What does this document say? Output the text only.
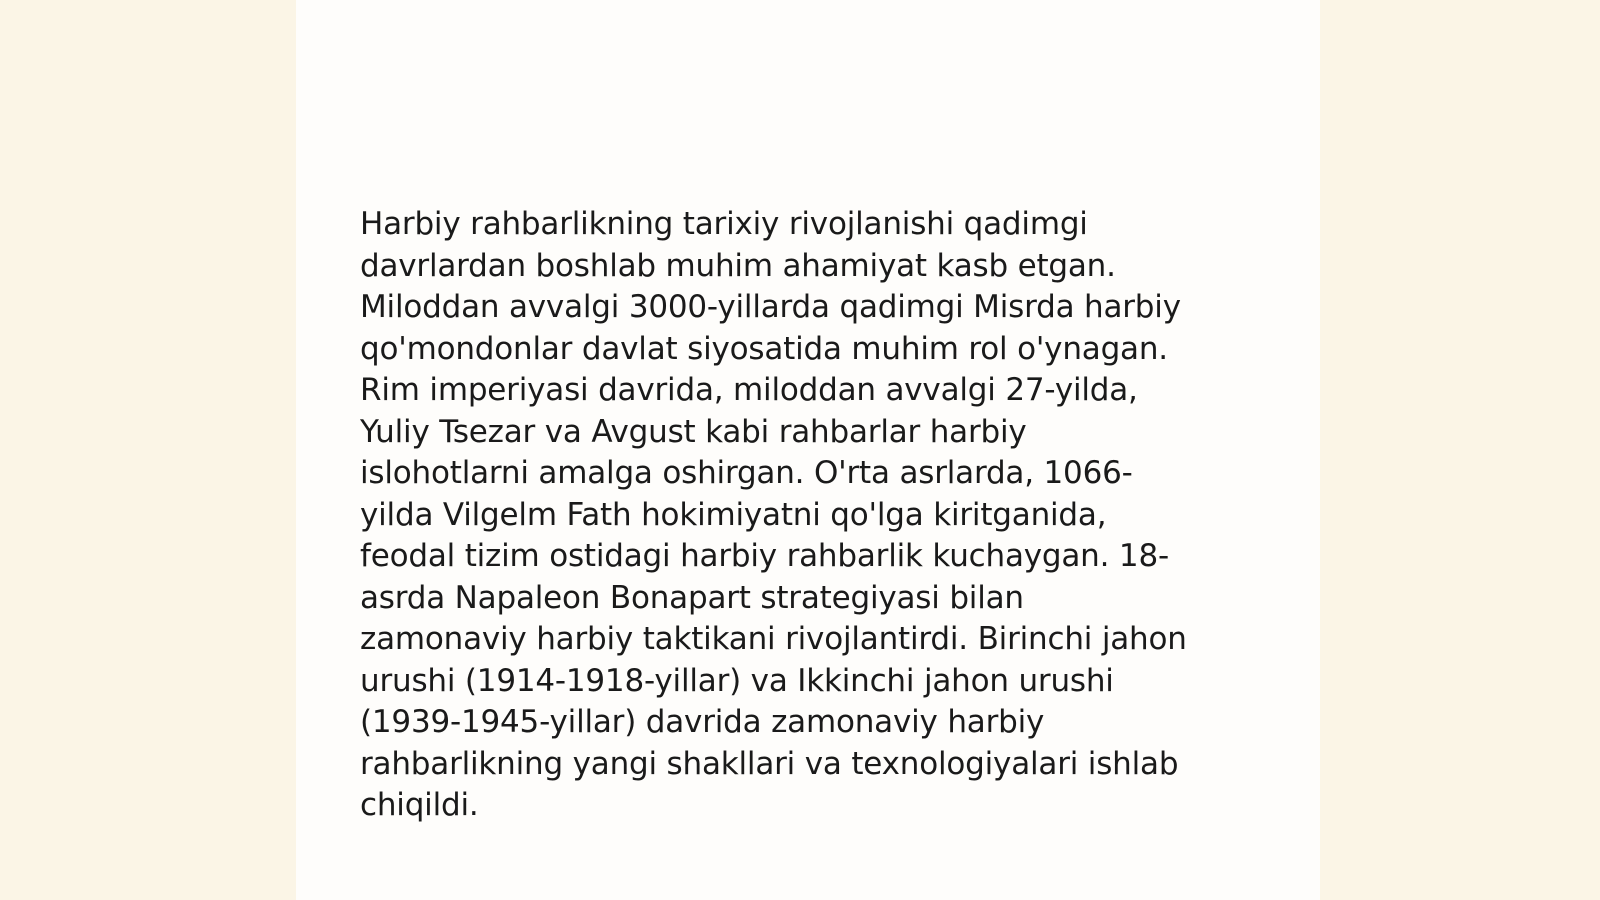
Harbiy rahbarlikning tarixiy rivojlanishi qadimgi
davrlardan boshlab muhim ahamiyat kasb etgan.
Miloddan avvalgi 3000-yillarda qadimgi Misrda harbiy
qo'mondonlar davlat siyosatida muhim rol o'ynagan.
Rim imperiyasi davrida, miloddan avvalgi 27-yilda,
Yuliy Tsezar va Avgust kabi rahbarlar harbiy
islohotlarni amalga oshirgan. O'rta asrlarda, 1066-
yilda Vilgelm Fath hokimiyatni qo'lga kiritganida,
feodal tizim ostidagi harbiy rahbarlik kuchaygan. 18-
asrda Napaleon Bonapart strategiyasi bilan
zamonaviy harbiy taktikani rivojlantirdi. Birinchi jahon
urushi (1914-1918-yillar) va Ikkinchi jahon urushi
(1939-1945-yillar) davrida zamonaviy harbiy
rahbarlikning yangi shakllari va texnologiyalari ishlab
chiqildi.
